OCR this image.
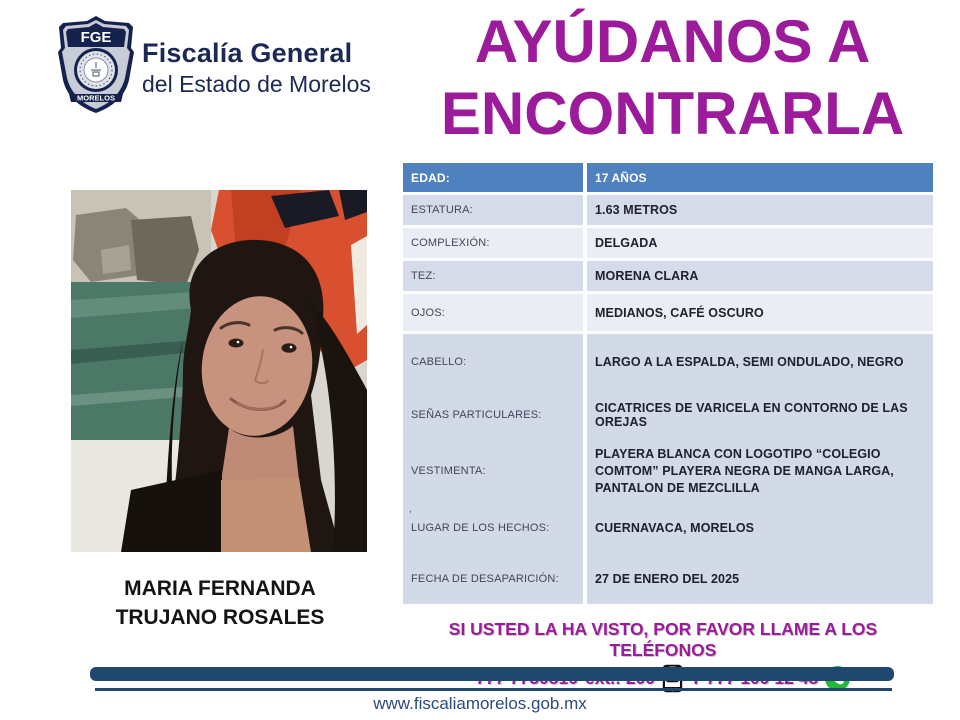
FGE
MORELOS
Fiscalía General
del Estado de Morelos
AYÚDANOS A
ENCONTRARLA
MARIA FERNANDA
TRUJANO ROSALES
EDAD:	17 AÑOS
ESTATURA:	1.63 METROS
COMPLEXIÓN:	DELGADA
TEZ:	MORENA CLARA
OJOS:	MEDIANOS, CAFÉ OSCURO
CABELLO:	LARGO A LA ESPALDA, SEMI ONDULADO, NEGRO
SEÑAS PARTICULARES:	CICATRICES DE VARICELA EN CONTORNO DE LAS OREJAS
VESTIMENTA:
PLAYERA BLANCA CON LOGOTIPO “COLEGIO COMTOM” PLAYERA NEGRA DE MANGA LARGA, PANTALON DE MEZCLILLA
,
LUGAR DE LOS HECHOS:	CUERNAVACA, MORELOS
FECHA DE DESAPARICIÓN:	27 DE ENERO DEL 2025
SI USTED LA HA VISTO, POR FAVOR LLAME A LOS TELÉFONOS
www.fiscaliamorelos.gob.mx
